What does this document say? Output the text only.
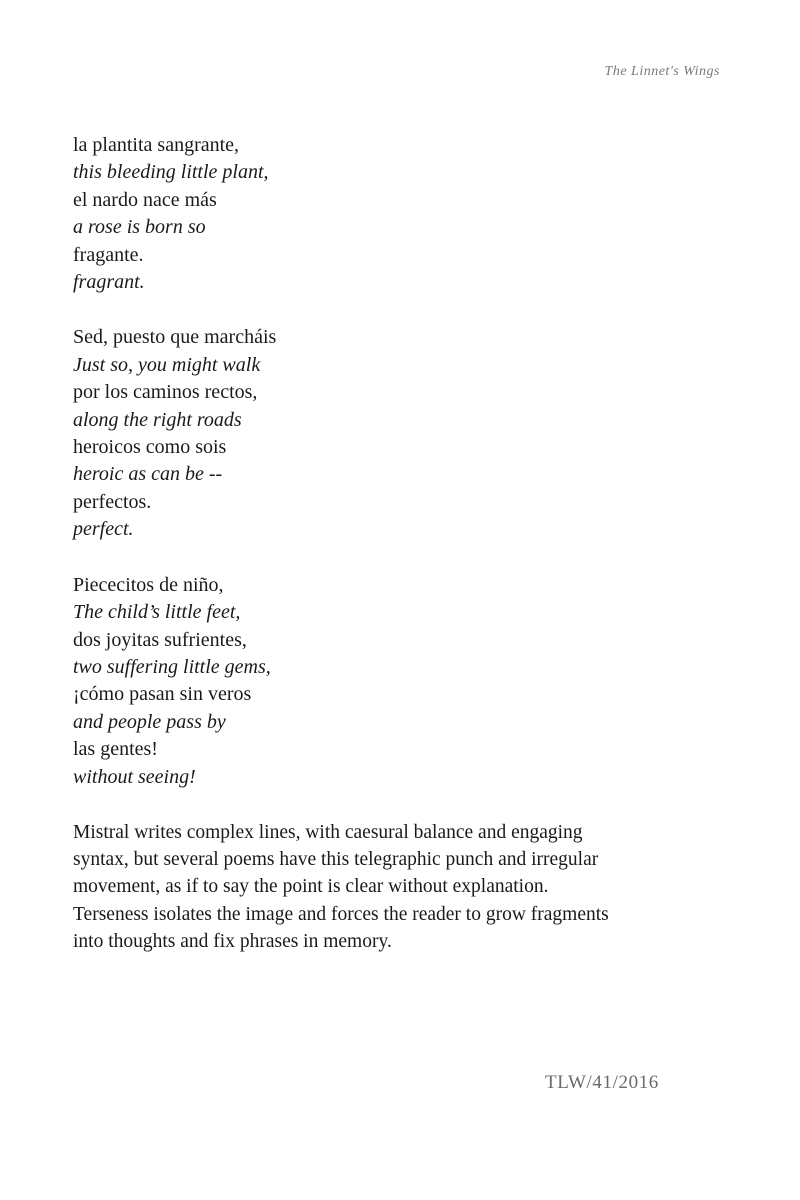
The Linnet's Wings
la plantita sangrante,
this bleeding little plant,
el nardo nace más
a rose is born so
fragante.
fragrant.
Sed, puesto que marcháis
Just so, you might walk
por los caminos rectos,
along the right roads
heroicos como sois
heroic as can be --
perfectos.
perfect.
Piececitos de niño,
The child’s little feet,
dos joyitas sufrientes,
two suffering little gems,
¡cómo pasan sin veros
and people pass by
las gentes!
without seeing!
Mistral writes complex lines, with caesural balance and engaging
syntax, but several poems have this telegraphic punch and irregular
movement, as if to say the point is clear without explanation.
Terseness isolates the image and forces the reader to grow fragments
into thoughts and fix phrases in memory.
TLW/41/2016
